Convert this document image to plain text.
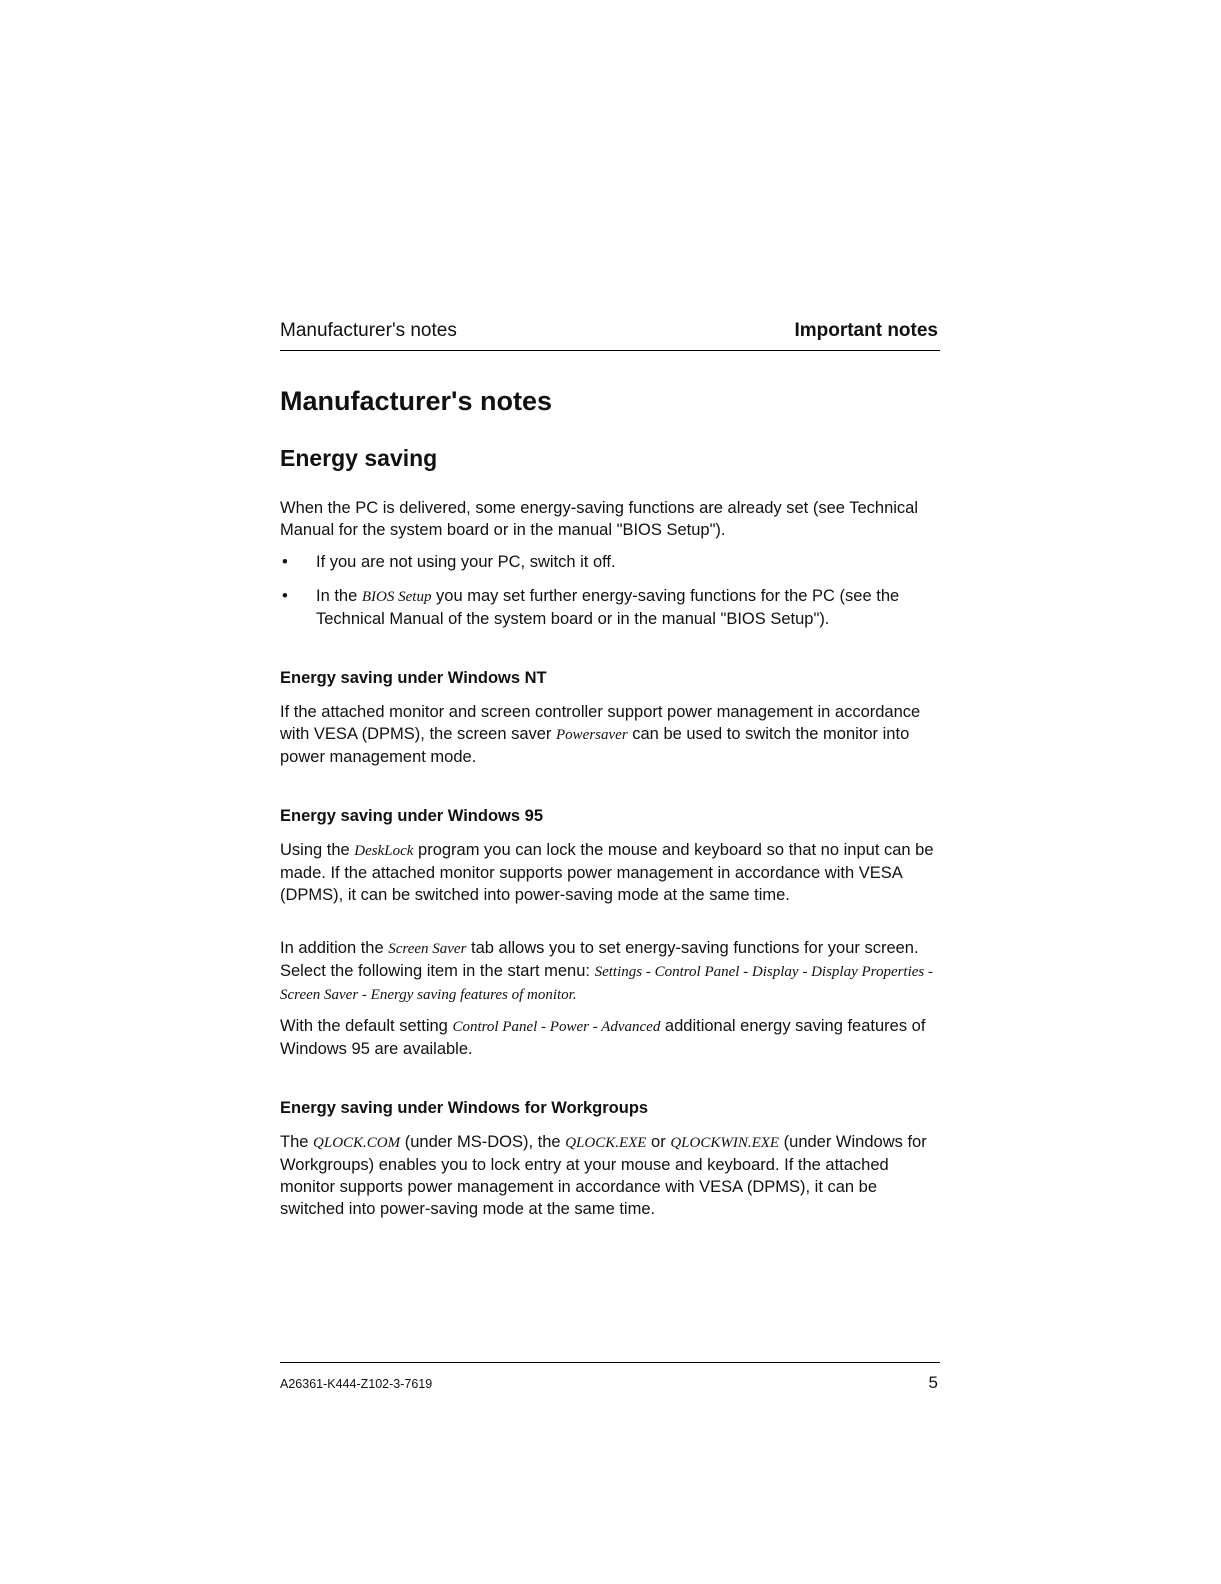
Manufacturer's notes	Important notes
Manufacturer's notes
Energy saving

When the PC is delivered, some energy-saving functions are already set (see Technical Manual for the system board or in the manual "BIOS Setup").

• If you are not using your PC, switch it off.
• In the BIOS Setup you may set further energy-saving functions for the PC (see the Technical Manual of the system board or in the manual "BIOS Setup").
Energy saving under Windows NT

If the attached monitor and screen controller support power management in accordance with VESA (DPMS), the screen saver Powersaver can be used to switch the monitor into power management mode.

Energy saving under Windows 95

Using the DeskLock program you can lock the mouse and keyboard so that no input can be made. If the attached monitor supports power management in accordance with VESA (DPMS), it can be switched into power-saving mode at the same time.

In addition the Screen Saver tab allows you to set energy-saving functions for your screen. Select the following item in the start menu: Settings - Control Panel - Display - Display Properties - Screen Saver - Energy saving features of monitor.

With the default setting Control Panel - Power - Advanced additional energy saving features of Windows 95 are available.

Energy saving under Windows for Workgroups

The QLOCK.COM (under MS-DOS), the QLOCK.EXE or QLOCKWIN.EXE (under Windows for Workgroups) enables you to lock entry at your mouse and keyboard. If the attached monitor supports power management in accordance with VESA (DPMS), it can be switched into power-saving mode at the same time.

A26361-K444-Z102-3-7619	5
